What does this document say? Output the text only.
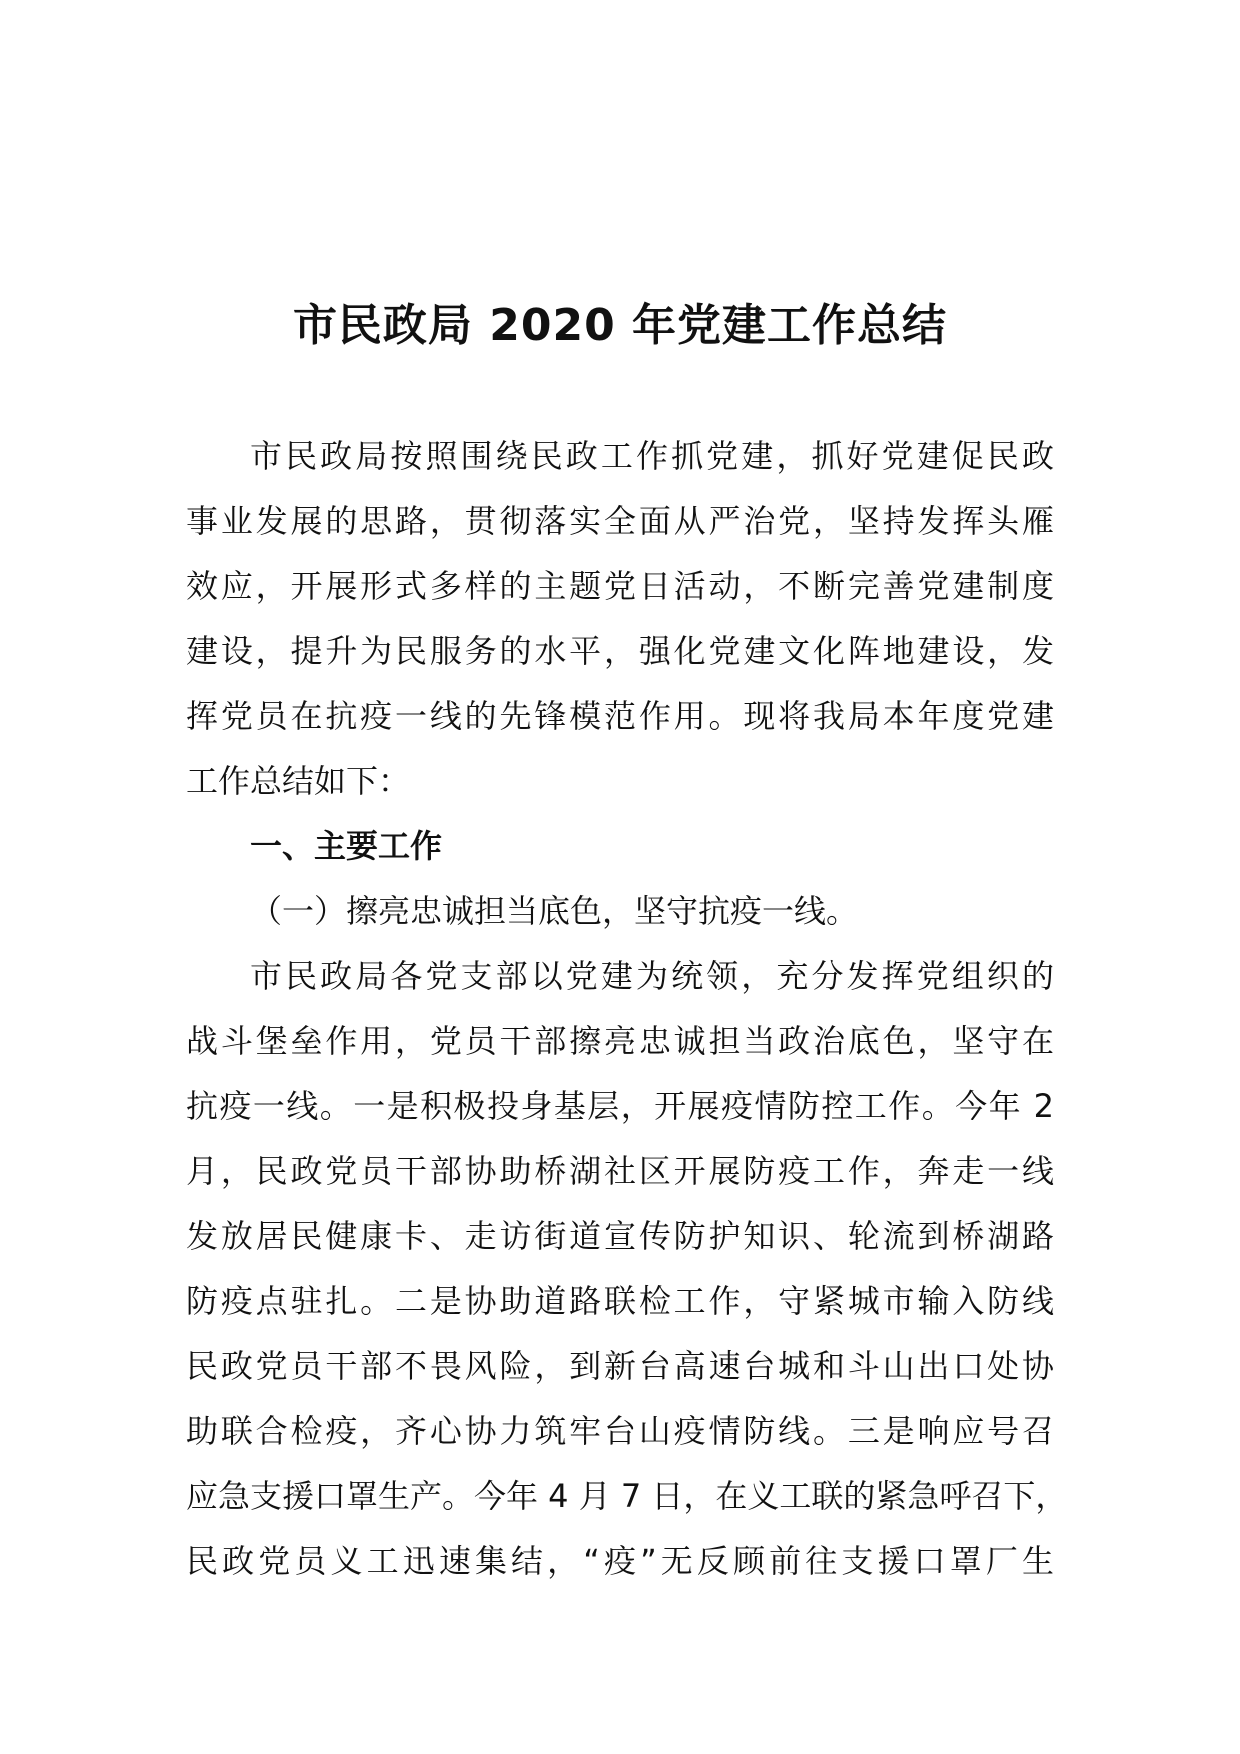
市民政局 2020 年党建工作总结
市民政局按照围绕民政工作抓党建，抓好党建促民政
事业发展的思路，贯彻落实全面从严治党，坚持发挥头雁
效应，开展形式多样的主题党日活动，不断完善党建制度
建设，提升为民服务的水平，强化党建文化阵地建设，发
挥党员在抗疫一线的先锋模范作用。现将我局本年度党建
工作总结如下：
一、主要工作
（一）擦亮忠诚担当底色，坚守抗疫一线。
市民政局各党支部以党建为统领，充分发挥党组织的
战斗堡垒作用，党员干部擦亮忠诚担当政治底色，坚守在
抗疫一线。一是积极投身基层，开展疫情防控工作。今年 2
月，民政党员干部协助桥湖社区开展防疫工作，奔走一线
发放居民健康卡、走访街道宣传防护知识、轮流到桥湖路
防疫点驻扎。二是协助道路联检工作，守紧城市输入防线
民政党员干部不畏风险，到新台高速台城和斗山出口处协
助联合检疫，齐心协力筑牢台山疫情防线。三是响应号召
应急支援口罩生产。今年 4 月 7 日，在义工联的紧急呼召下，
民政党员义工迅速集结，“疫”无反顾前往支援口罩厂生
